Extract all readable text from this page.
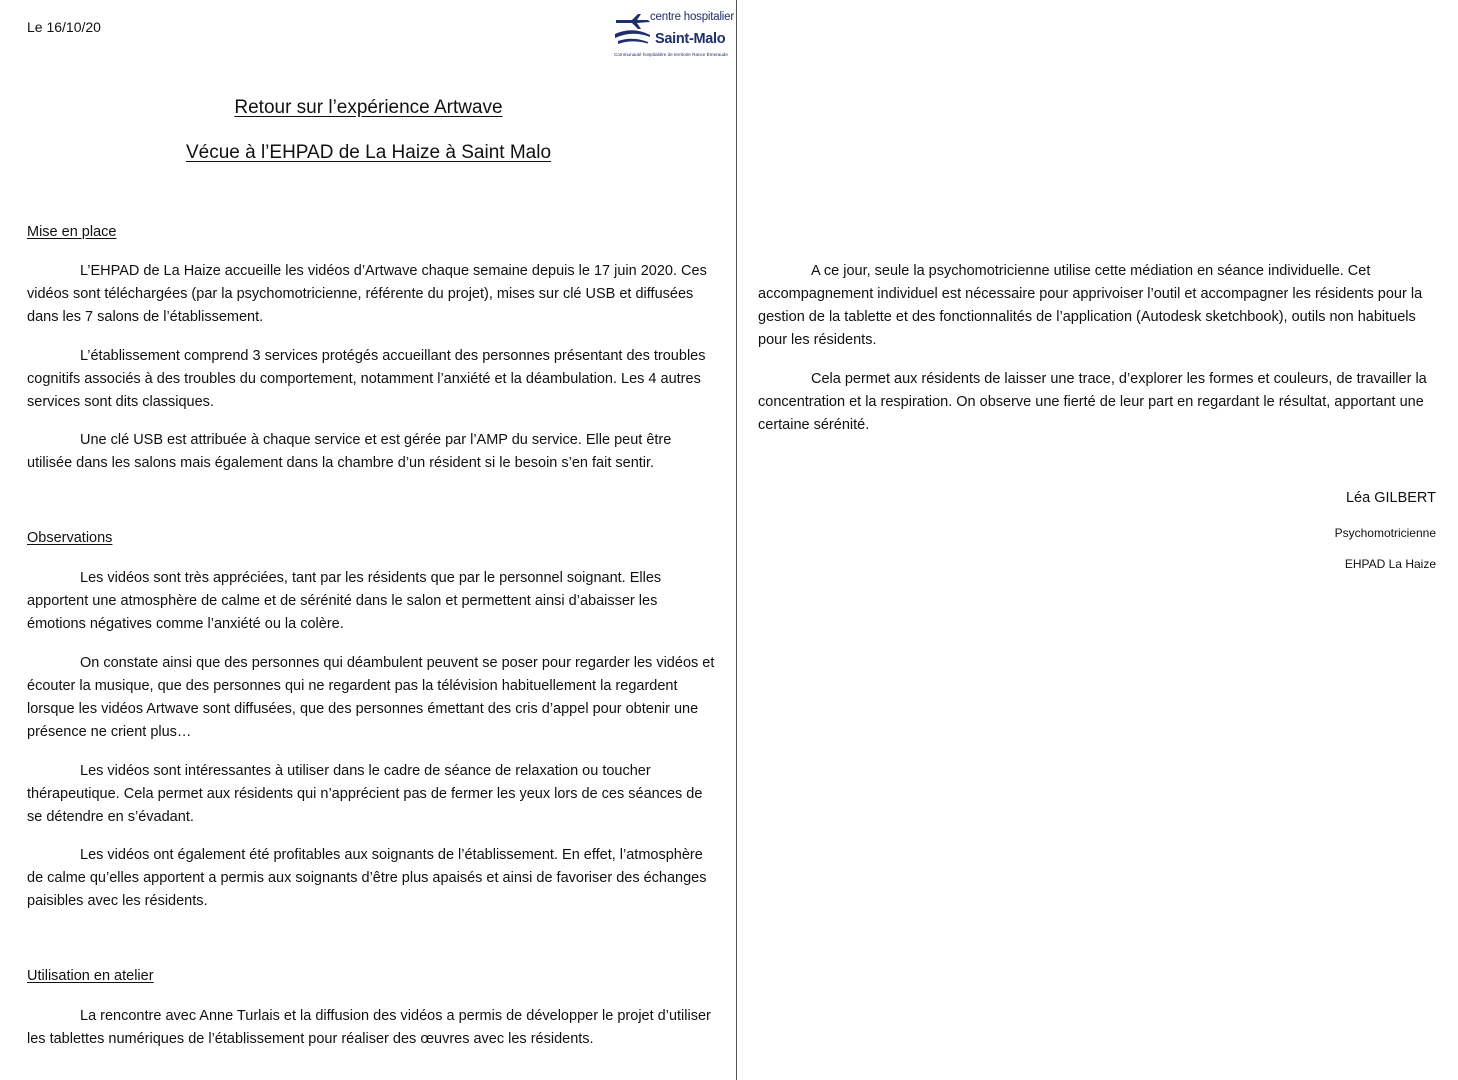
Le 16/10/20
centre hospitalier
Saint-Malo
Communauté hospitalière de territoire Rance Émeraude
Retour sur l’expérience Artwave
Vécue à l’EHPAD de La Haize à Saint Malo
Mise en place

L’EHPAD de La Haize accueille les vidéos d’Artwave chaque semaine depuis le 17 juin 2020. Ces vidéos sont téléchargées (par la psychomotricienne, référente du projet), mises sur clé USB et diffusées dans les 7 salons de l’établissement.

L’établissement comprend 3 services protégés accueillant des personnes présentant des troubles cognitifs associés à des troubles du comportement, notamment l’anxiété et la déambulation. Les 4 autres services sont dits classiques.

Une clé USB est attribuée à chaque service et est gérée par l’AMP du service. Elle peut être utilisée dans les salons mais également dans la chambre d’un résident si le besoin s’en fait sentir.

Observations

Les vidéos sont très appréciées, tant par les résidents que par le personnel soignant. Elles apportent une atmosphère de calme et de sérénité dans le salon et permettent ainsi d’abaisser les émotions négatives comme l’anxiété ou la colère.

On constate ainsi que des personnes qui déambulent peuvent se poser pour regarder les vidéos et écouter la musique, que des personnes qui ne regardent pas la télévision habituellement la regardent lorsque les vidéos Artwave sont diffusées, que des personnes émettant des cris d’appel pour obtenir une présence ne crient plus…

Les vidéos sont intéressantes à utiliser dans le cadre de séance de relaxation ou toucher thérapeutique. Cela permet aux résidents qui n’apprécient pas de fermer les yeux lors de ces séances de se détendre en s’évadant.

Les vidéos ont également été profitables aux soignants de l’établissement. En effet, l’atmosphère de calme qu’elles apportent a permis aux soignants d’être plus apaisés et ainsi de favoriser des échanges paisibles avec les résidents.

Utilisation en atelier

La rencontre avec Anne Turlais et la diffusion des vidéos a permis de développer le projet d’utiliser les tablettes numériques de l’établissement pour réaliser des œuvres avec les résidents.

A ce jour, seule la psychomotricienne utilise cette médiation en séance individuelle. Cet accompagnement individuel est nécessaire pour apprivoiser l’outil et accompagner les résidents pour la gestion de la tablette et des fonctionnalités de l’application (Autodesk sketchbook), outils non habituels pour les résidents.

Cela permet aux résidents de laisser une trace, d’explorer les formes et couleurs, de travailler la concentration et la respiration. On observe une fierté de leur part en regardant le résultat, apportant une certaine sérénité.

Léa GILBERT
Psychomotricienne
EHPAD La Haize
